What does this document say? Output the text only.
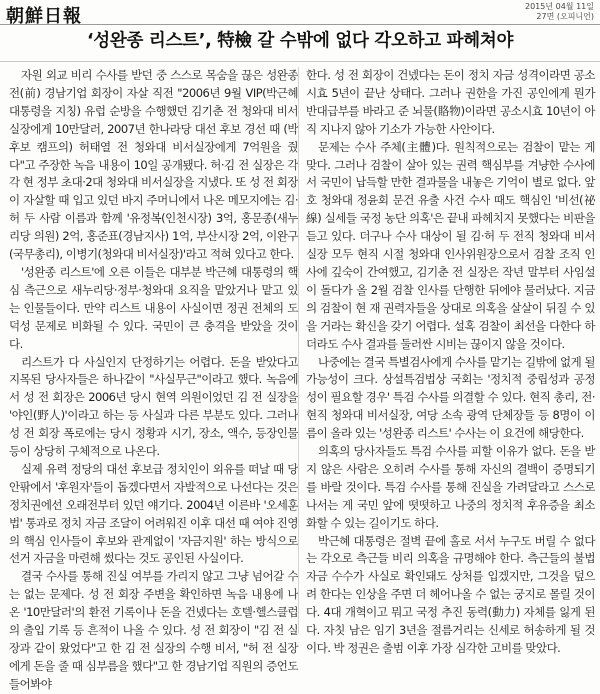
朝鮮日報	2015년 04월 11일
27면 (오피니언)
‘성완종 리스트’, 特檢 갈 수밖에 없다 각오하고 파헤쳐야

자원 외교 비리 수사를 받던 중 스스로 목숨을 끊은 성완종 전(前) 경남기업 회장이 자살 직전 "2006년 9월 VIP(박근혜 대통령을 지칭) 유럽 순방을 수행했던 김기춘 전 청와대 비서실장에게 10만달러, 2007년 한나라당 대선 후보 경선 때 (박 후보 캠프의) 허태열 전 청와대 비서실장에게 7억원을 줬다"고 주장한 녹음 내용이 10일 공개됐다. 허·김 전 실장은 각각 현 정부 초대·2대 청와대 비서실장을 지냈다. 또 성 전 회장이 자살할 때 입고 있던 바지 주머니에서 나온 메모지에는 김·허 두 사람 이름과 함께 '유정복(인천시장) 3억, 홍문종(새누리당 의원) 2억, 홍준표(경남지사) 1억, 부산시장 2억, 이완구(국무총리), 이병기(청와대 비서실장)'라고 적혀 있다고 한다.

'성완종 리스트'에 오른 이들은 대부분 박근혜 대통령의 핵심 측근으로 새누리당·정부·청와대 요직을 맡았거나 맡고 있는 인물들이다. 만약 리스트 내용이 사실이면 정권 전체의 도덕성 문제로 비화될 수 있다. 국민이 큰 충격을 받았을 것이다.

리스트가 다 사실인지 단정하기는 어렵다. 돈을 받았다고 지목된 당사자들은 하나같이 "사실무근"이라고 했다. 녹음에서 성 전 회장은 2006년 당시 현역 의원이었던 김 전 실장을 '야인(野人)'이라고 하는 등 사실과 다른 부분도 있다. 그러나 성 전 회장 폭로에는 당시 정황과 시기, 장소, 액수, 등장인물 등이 상당히 구체적으로 나온다.

실제 유력 정당의 대선 후보급 정치인이 외유를 떠날 때 당 안팎에서 '후원자'들이 돕겠다면서 자발적으로 나선다는 것은 정치권에선 오래전부터 있던 얘기다. 2004년 이른바 '오세훈법' 통과로 정치 자금 조달이 어려워진 이후 대선 때 여야 진영의 핵심 인사들이 후보와 관계없이 '자금지원' 하는 방식으로 선거 자금을 마련해 썼다는 것도 공인된 사실이다.

결국 수사를 통해 진실 여부를 가리지 않고 그냥 넘어갈 수는 없는 문제다. 성 전 회장 주변을 확인하면 녹음 내용에 나온 '10만달러'의 환전 기록이나 돈을 건넸다는 호텔·헬스클럽의 출입 기록 등 흔적이 나올 수 있다. 성 전 회장이 "김 전 실장과 같이 왔었다"고 한 김 전 실장의 수행 비서, "허 전 실장에게 돈을 줄 때 심부름을 했다"고 한 경남기업 직원의 증언도 들어봐야

한다. 성 전 회장이 건넸다는 돈이 정치 자금 성격이라면 공소시효 5년이 끝난 상태다. 그러나 권한을 가진 공인에게 뭔가 반대급부를 바라고 준 뇌물(賂物)이라면 공소시효 10년이 아직 지나지 않아 기소가 가능한 사안이다.

문제는 수사 주체(主體)다. 원칙적으로는 검찰이 맡는 게 맞다. 그러나 검찰이 살아 있는 권력 핵심부를 겨냥한 수사에서 국민이 납득할 만한 결과물을 내놓은 기억이 별로 없다. 앞 호 청와대 정윤회 문건 유출 사건 수사 때도 핵심인 '비선(祕線) 실세들 국정 농단 의혹'은 끝내 파헤치지 못했다는 비판을 듣고 있다. 더구나 수사 대상이 될 김·허 두 전직 청와대 비서실장 모두 현직 시절 청와대 인사위원장으로서 검찰 조직 인사에 깊숙이 간여했고, 김기춘 전 실장은 작년 말부터 사임설이 돌다가 올 2월 검찰 인사를 단행한 뒤에야 물러났다. 지금의 검찰이 현 재 권력자들을 상대로 의혹을 살살이 뒤질 수 있을 거라는 확신을 갖기 어렵다. 설혹 검찰이 최선을 다한다 하더라도 수사 결과를 둘러싼 시비는 끊이지 않을 것이다.

나중에는 결국 특별검사에게 수사를 맡기는 길밖에 없게 될 가능성이 크다. 상설특검법상 국회는 '정치적 중립성과 공정성이 필요할 경우' 특검 수사를 의결할 수 있다. 현직 총리, 전·현직 청와대 비서실장, 여당 소속 광역 단체장들 등 8명이 이름이 올라 있는 '성완종 리스트' 수사는 이 요건에 해당한다.

의혹의 당사자들도 특검 수사를 피할 이유가 없다. 돈을 받지 않은 사람은 오히려 수사를 통해 자신의 결백이 증명되기를 바랄 것이다. 특검 수사를 통해 진실을 가려달라고 스스로 나서는 게 국민 앞에 떳떳하고 나중의 정치적 후유증을 최소화할 수 있는 길이기도 하다.

박근혜 대통령은 절벽 끝에 홀로 서서 누구도 버릴 수 없다는 각오로 측근들 비리 의혹을 규명해야 한다. 측근들의 불법 자금 수수가 사실로 확인돼도 상처를 입겠지만, 그것을 덮으려 한다는 인상을 주면 더 헤어나올 수 없는 궁지로 몰릴 것이다. 4대 개혁이고 뭐고 국정 추진 동력(動力) 자체를 잃게 된다. 자칫 남은 임기 3년을 절름거리는 신세로 허송하게 될 것이다. 박 정권은 출범 이후 가장 심각한 고비를 맞았다.
